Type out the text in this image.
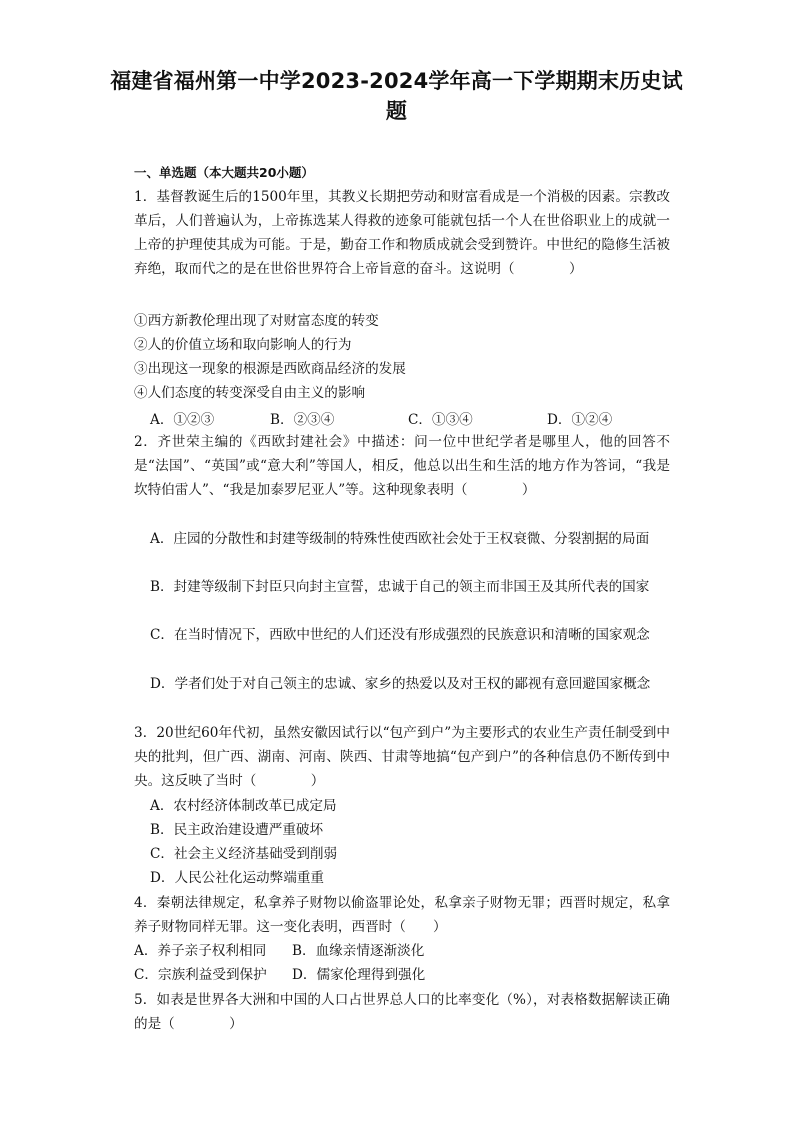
福建省福州第一中学2023-2024学年高一下学期期末历史试题
一、单选题（本大题共20小题）
1．基督教诞生后的1500年里，其教义长期把劳动和财富看成是一个消极的因素。宗教改革后，人们普遍认为，上帝拣选某人得救的迹象可能就包括一个人在世俗职业上的成就一上帝的护理使其成为可能。于是，勤奋工作和物质成就会受到赞许。中世纪的隐修生活被弃绝，取而代之的是在世俗世界符合上帝旨意的奋斗。这说明（　　　　）
①西方新教伦理出现了对财富态度的转变
②人的价值立场和取向影响人的行为
③出现这一现象的根源是西欧商品经济的发展
④人们态度的转变深受自由主义的影响
A．①②③	B．②③④	C．①③④	D．①②④
2．齐世荣主编的《西欧封建社会》中描述：问一位中世纪学者是哪里人，他的回答不是“法国”、“英国”或“意大利”等国人，相反，他总以出生和生活的地方作为答词，“我是坎特伯雷人”、“我是加泰罗尼亚人”等。这种现象表明（　　　　）
A．庄园的分散性和封建等级制的特殊性使西欧社会处于王权衰微、分裂割据的局面
B．封建等级制下封臣只向封主宣誓，忠诚于自己的领主而非国王及其所代表的国家
C．在当时情况下，西欧中世纪的人们还没有形成强烈的民族意识和清晰的国家观念
D．学者们处于对自己领主的忠诚、家乡的热爱以及对王权的鄙视有意回避国家概念
3．20世纪60年代初，虽然安徽因试行以“包产到户”为主要形式的农业生产责任制受到中央的批判，但广西、湖南、河南、陕西、甘肃等地搞“包产到户”的各种信息仍不断传到中央。这反映了当时（　　　　）
A．农村经济体制改革已成定局
B．民主政治建设遭严重破坏
C．社会主义经济基础受到削弱
D．人民公社化运动弊端重重
4．秦朝法律规定，私拿养子财物以偷盗罪论处，私拿亲子财物无罪；西晋时规定，私拿养子财物同样无罪。这一变化表明，西晋时（　　）
A．养子亲子权利相同 B．血缘亲情逐渐淡化
C．宗族利益受到保护 D．儒家伦理得到强化
5．如表是世界各大洲和中国的人口占世界总人口的比率变化（%），对表格数据解读正确的是（　　　　）
